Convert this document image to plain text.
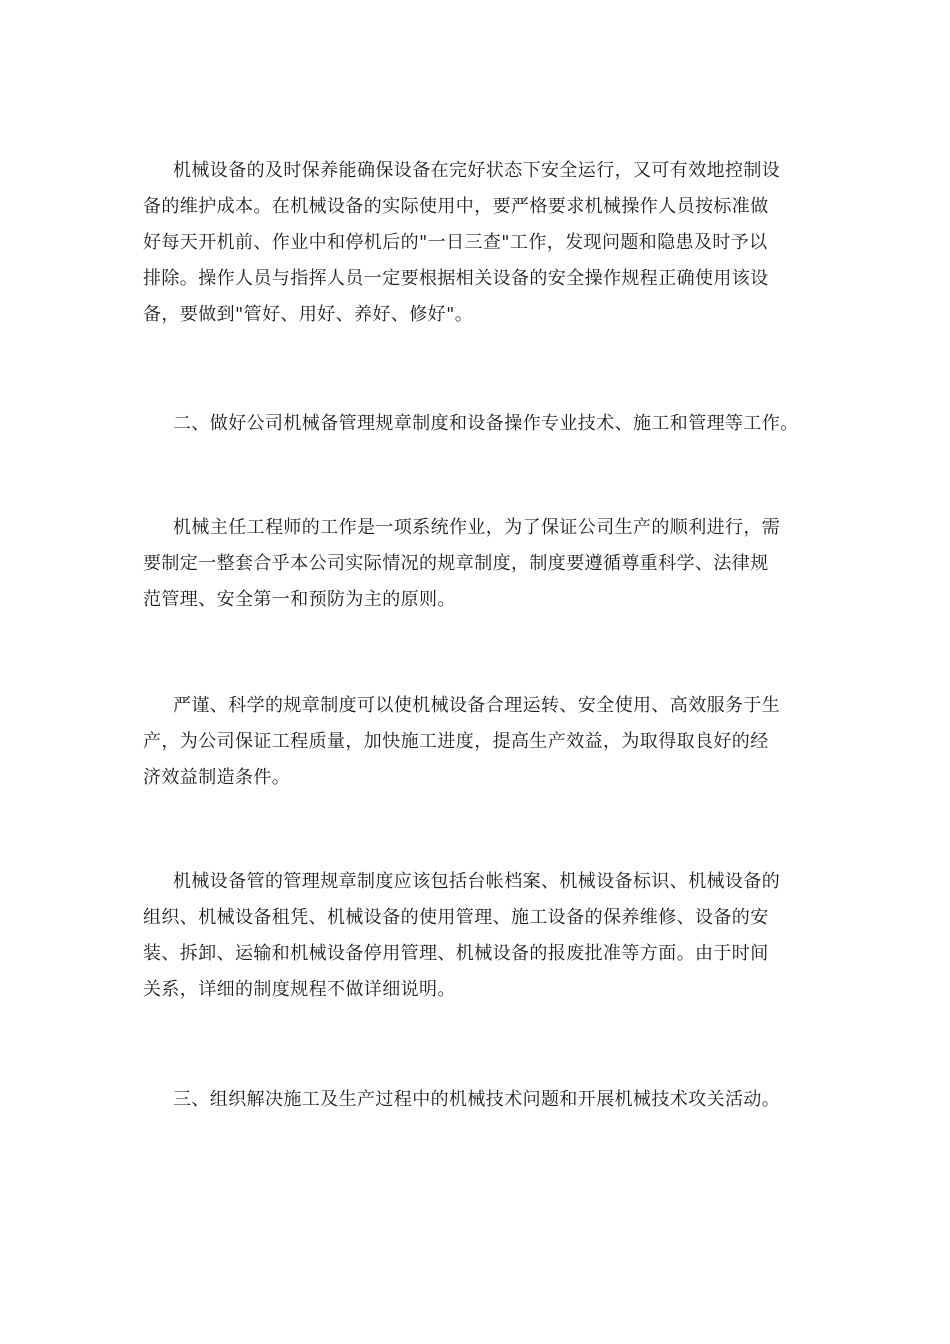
机械设备的及时保养能确保设备在完好状态下安全运行，又可有效地控制设
备的维护成本。在机械设备的实际使用中，要严格要求机械操作人员按标准做
好每天开机前、作业中和停机后的"一日三查"工作，发现问题和隐患及时予以
排除。操作人员与指挥人员一定要根据相关设备的安全操作规程正确使用该设
备，要做到"管好、用好、养好、修好"。

二、做好公司机械备管理规章制度和设备操作专业技术、施工和管理等工作。

机械主任工程师的工作是一项系统作业，为了保证公司生产的顺利进行，需
要制定一整套合乎本公司实际情况的规章制度，制度要遵循尊重科学、法律规
范管理、安全第一和预防为主的原则。

严谨、科学的规章制度可以使机械设备合理运转、安全使用、高效服务于生
产，为公司保证工程质量，加快施工进度，提高生产效益，为取得取良好的经
济效益制造条件。

机械设备管的管理规章制度应该包括台帐档案、机械设备标识、机械设备的
组织、机械设备租凭、机械设备的使用管理、施工设备的保养维修、设备的安
装、拆卸、运输和机械设备停用管理、机械设备的报废批准等方面。由于时间
关系，详细的制度规程不做详细说明。

三、组织解决施工及生产过程中的机械技术问题和开展机械技术攻关活动。
